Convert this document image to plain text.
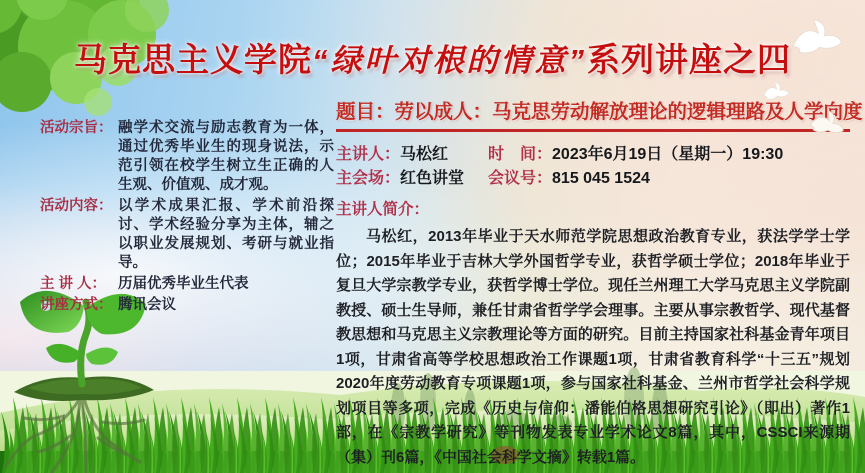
马克思主义学院“绿叶对根的情意”系列讲座之四
活动宗旨： 融学术交流与励志教育为一体，通过优秀毕业生的现身说法，示范引领在校学生树立生正确的人生观、价值观、成才观。
活动内容： 以学术成果汇报、学术前沿探讨、学术经验分享为主体，辅之以职业发展规划、考研与就业指导。
主 讲 人： 历届优秀毕业生代表
讲座方式： 腾讯会议
题目：劳以成人：马克思劳动解放理论的逻辑理路及人学向度
主讲人： 马松红 时　间： 2023年6月19日（星期一）19:30
主会场： 红色讲堂 会议号： 815 045 1524
主讲人简介：

马松红，2013年毕业于天水师范学院思想政治教育专业，获法学学士学位；2015年毕业于吉林大学外国哲学专业，获哲学硕士学位；2018年毕业于复旦大学宗教学专业，获哲学博士学位。现任兰州理工大学马克思主义学院副教授、硕士生导师，兼任甘肃省哲学学会理事。主要从事宗教哲学、现代基督教思想和马克思主义宗教理论等方面的研究。目前主持国家社科基金青年项目1项，甘肃省高等学校思想政治工作课题1项，甘肃省教育科学“十三五”规划2020年度劳动教育专项课题1项，参与国家社科基金、兰州市哲学社会科学规划项目等多项，完成《历史与信仰：潘能伯格思想研究引论》（即出）著作1部，在《宗教学研究》等刊物发表专业学术论文8篇，其中，CSSCI来源期（集）刊6篇，《中国社会科学文摘》转载1篇。
